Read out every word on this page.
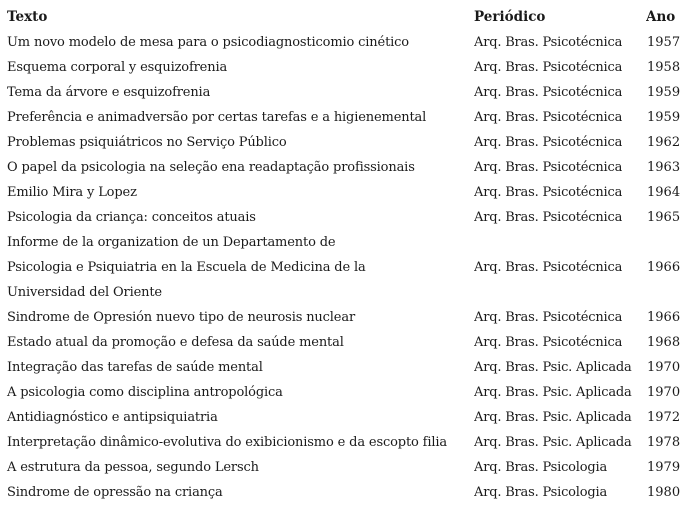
Texto	Periódico	Ano
Um novo modelo de mesa para o psicodiagnosticomio cinético	Arq. Bras. Psicotécnica	1957
Esquema corporal y esquizofrenia	Arq. Bras. Psicotécnica	1958
Tema da árvore e esquizofrenia	Arq. Bras. Psicotécnica	1959
Preferência e animadversão por certas tarefas e a higienemental	Arq. Bras. Psicotécnica	1959
Problemas psiquiátricos no Serviço Público	Arq. Bras. Psicotécnica	1962
O papel da psicologia na seleção ena readaptação profissionais	Arq. Bras. Psicotécnica	1963
Emilio Mira y Lopez	Arq. Bras. Psicotécnica	1964
Psicologia da criança: conceitos atuais	Arq. Bras. Psicotécnica	1965
Informe de la organization de un Departamento de		
Psicologia e Psiquiatria en la Escuela de Medicina de la	Arq. Bras. Psicotécnica	1966
Universidad del Oriente		
Sindrome de Opresión nuevo tipo de neurosis nuclear	Arq. Bras. Psicotécnica	1966
Estado atual da promoção e defesa da saúde mental	Arq. Bras. Psicotécnica	1968
Integração das tarefas de saúde mental	Arq. Bras. Psic. Aplicada	1970
A psicologia como disciplina antropológica	Arq. Bras. Psic. Aplicada	1970
Antidiagnóstico e antipsiquiatria	Arq. Bras. Psic. Aplicada	1972
Interpretação dinâmico-evolutiva do exibicionismo e da escopto filia	Arq. Bras. Psic. Aplicada	1978
A estrutura da pessoa, segundo Lersch	Arq. Bras. Psicologia	1979
Sindrome de opressão na criança	Arq. Bras. Psicologia	1980
